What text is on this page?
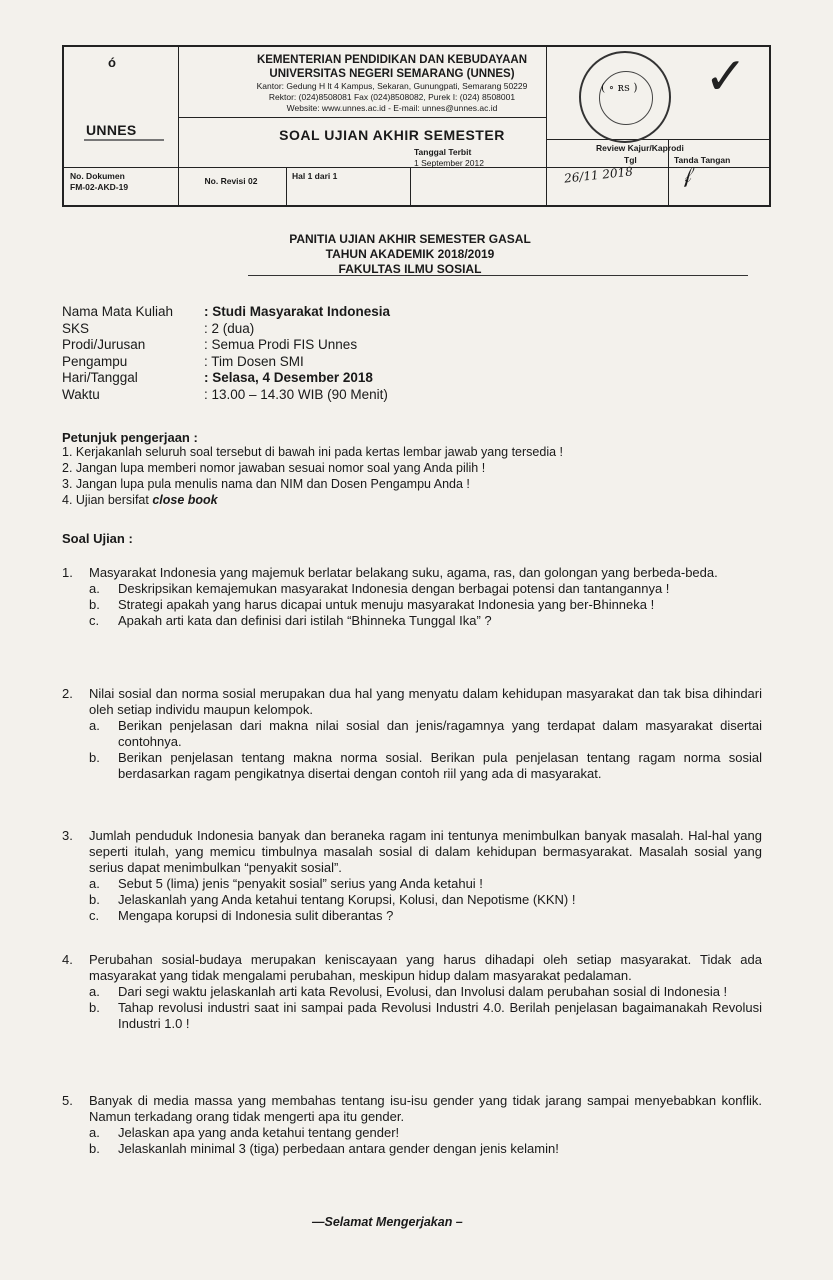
ó
UNNES
KEMENTERIAN PENDIDIKAN DAN KEBUDAYAAN
UNIVERSITAS NEGERI SEMARANG (UNNES)
Kantor: Gedung H lt 4 Kampus, Sekaran, Gunungpati, Semarang 50229
Rektor: (024)8508081 Fax (024)8508082, Purek I: (024) 8508001
Website: www.unnes.ac.id - E-mail: unnes@unnes.ac.id
SOAL UJIAN AKHIR SEMESTER
No. Dokumen
FM-02-AKD-19
No. Revisi 02	Hal 1 dari 1
Tanggal Terbit
1 September 2012
Review Kajur/Kaprodi
Tgl	Tanda Tangan
( ∘ ʀs ) ✓
26/11 2018 𝒻
PANITIA UJIAN AKHIR SEMESTER GASAL
TAHUN AKADEMIK 2018/2019
FAKULTAS ILMU SOSIAL
Nama Mata Kuliah	: Studi Masyarakat Indonesia
SKS	: 2 (dua)
Prodi/Jurusan	: Semua Prodi FIS Unnes
Pengampu	: Tim Dosen SMI
Hari/Tanggal	: Selasa, 4 Desember 2018
Waktu	: 13.00 – 14.30 WIB (90 Menit)
Petunjuk pengerjaan :
1. Kerjakanlah seluruh soal tersebut di bawah ini pada kertas lembar jawab yang tersedia !
2. Jangan lupa memberi nomor jawaban sesuai nomor soal yang Anda pilih !
3. Jangan lupa pula menulis nama dan NIM dan Dosen Pengampu Anda !
4. Ujian bersifat close book
Soal Ujian :
1.	Masyarakat Indonesia yang majemuk berlatar belakang suku, agama, ras, dan golongan yang berbeda-beda.
a. Deskripsikan kemajemukan masyarakat Indonesia dengan berbagai potensi dan tantangannya !
b. Strategi apakah yang harus dicapai untuk menuju masyarakat Indonesia yang ber-Bhinneka !
c. Apakah arti kata dan definisi dari istilah “Bhinneka Tunggal Ika” ?
2.	Nilai sosial dan norma sosial merupakan dua hal yang menyatu dalam kehidupan masyarakat dan tak bisa dihindari oleh setiap individu maupun kelompok.
a. Berikan penjelasan dari makna nilai sosial dan jenis/ragamnya yang terdapat dalam masyarakat disertai contohnya.
b. Berikan penjelasan tentang makna norma sosial. Berikan pula penjelasan tentang ragam norma sosial berdasarkan ragam pengikatnya disertai dengan contoh riil yang ada di masyarakat.
3.	Jumlah penduduk Indonesia banyak dan beraneka ragam ini tentunya menimbulkan banyak masalah. Hal-hal yang seperti itulah, yang memicu timbulnya masalah sosial di dalam kehidupan bermasyarakat. Masalah sosial yang serius dapat menimbulkan “penyakit sosial”.
a. Sebut 5 (lima) jenis “penyakit sosial” serius yang Anda ketahui !
b. Jelaskanlah yang Anda ketahui tentang Korupsi, Kolusi, dan Nepotisme (KKN) !
c. Mengapa korupsi di Indonesia sulit diberantas ?
4.	Perubahan sosial-budaya merupakan keniscayaan yang harus dihadapi oleh setiap masyarakat. Tidak ada masyarakat yang tidak mengalami perubahan, meskipun hidup dalam masyarakat pedalaman.
a. Dari segi waktu jelaskanlah arti kata Revolusi, Evolusi, dan Involusi dalam perubahan sosial di Indonesia !
b. Tahap revolusi industri saat ini sampai pada Revolusi Industri 4.0. Berilah penjelasan bagaimanakah Revolusi Industri 1.0 !
5.	Banyak di media massa yang membahas tentang isu-isu gender yang tidak jarang sampai menyebabkan konflik. Namun terkadang orang tidak mengerti apa itu gender.
a. Jelaskan apa yang anda ketahui tentang gender!
b. Jelaskanlah minimal 3 (tiga) perbedaan antara gender dengan jenis kelamin!
—Selamat Mengerjakan –
